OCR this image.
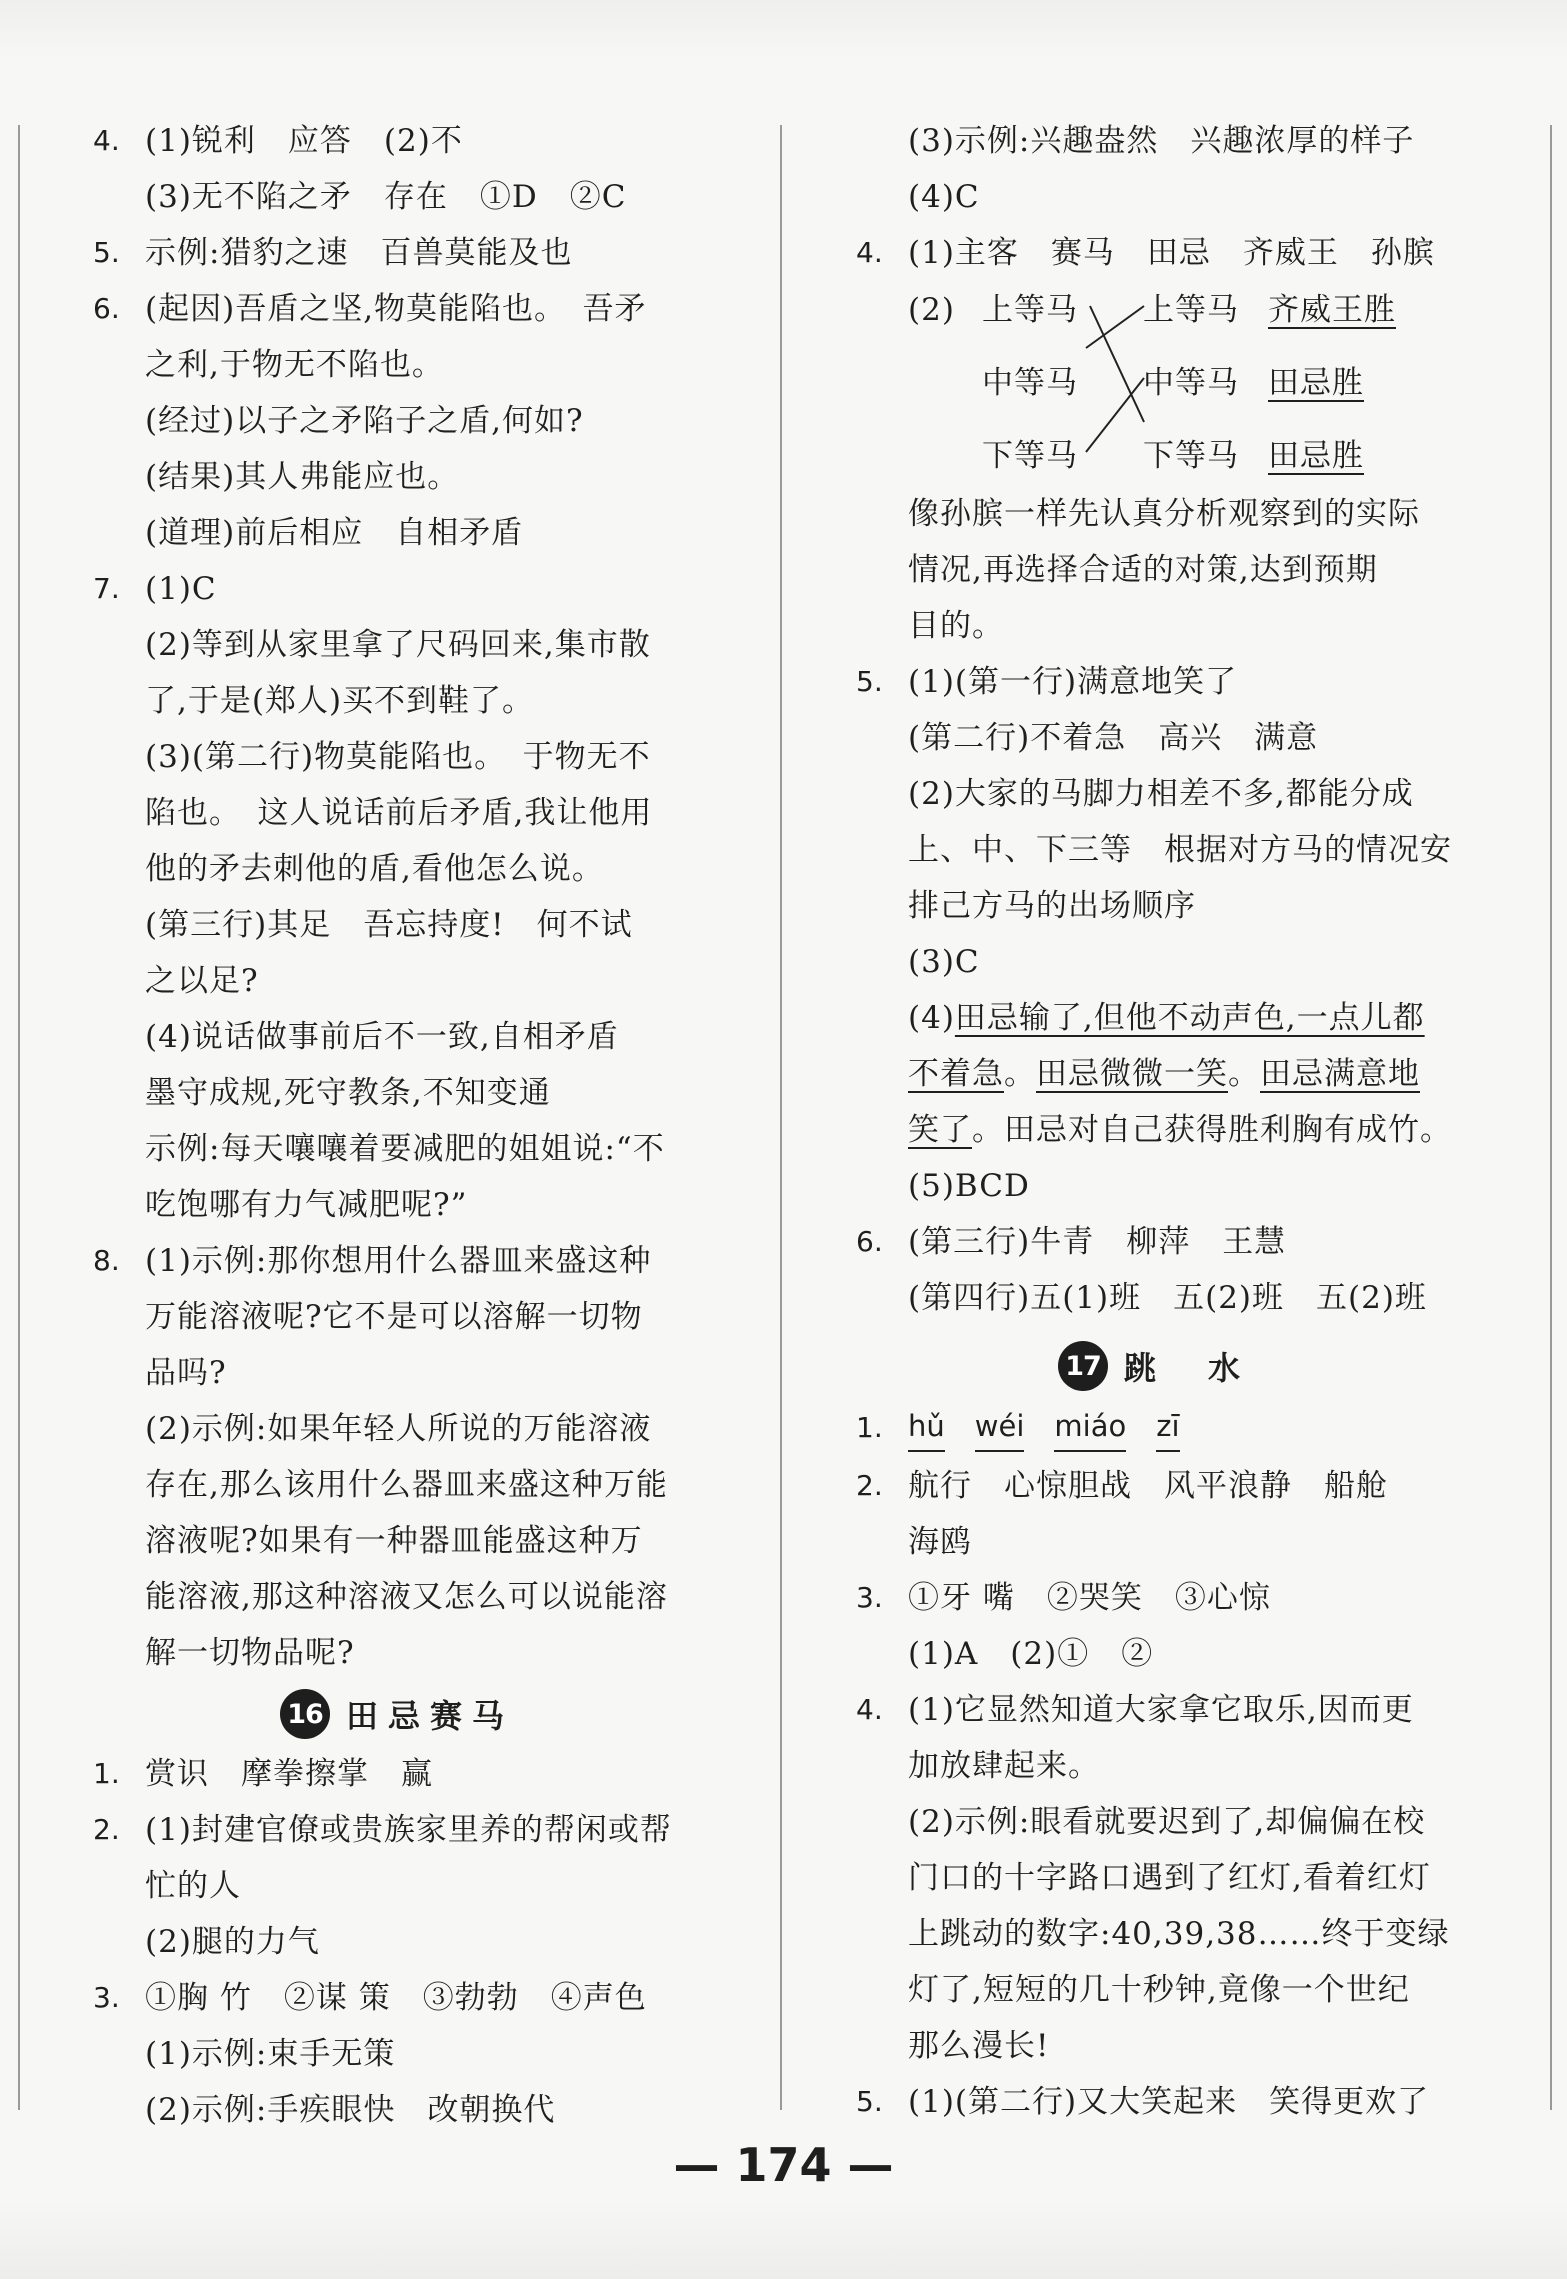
4. (1)锐利　应答　(2)不
(3)无不陷之矛　存在　①D　②C
5. 示例:猎豹之速　百兽莫能及也
6. (起因)吾盾之坚,物莫能陷也。　吾矛
之利,于物无不陷也。
(经过)以子之矛陷子之盾,何如?
(结果)其人弗能应也。
(道理)前后相应　自相矛盾
7. (1)C
(2)等到从家里拿了尺码回来,集市散
了,于是(郑人)买不到鞋了。
(3)(第二行)物莫能陷也。　于物无不
陷也。　这人说话前后矛盾,我让他用
他的矛去刺他的盾,看他怎么说。
(第三行)其足　吾忘持度!　何不试
之以足?
(4)说话做事前后不一致,自相矛盾
墨守成规,死守教条,不知变通
示例:每天嚷嚷着要减肥的姐姐说:“不
吃饱哪有力气减肥呢?”
8. (1)示例:那你想用什么器皿来盛这种
万能溶液呢?它不是可以溶解一切物
品吗?
(2)示例:如果年轻人所说的万能溶液
存在,那么该用什么器皿来盛这种万能
溶液呢?如果有一种器皿能盛这种万
能溶液,那这种溶液又怎么可以说能溶
解一切物品呢?
16 田忌赛马
1. 赏识　摩拳擦掌　赢
2. (1)封建官僚或贵族家里养的帮闲或帮
忙的人
(2)腿的力气
3. ①胸 竹　②谋 策　③勃勃　④声色
(1)示例:束手无策
(2)示例:手疾眼快　改朝换代
(3)示例:兴趣盎然　兴趣浓厚的样子
(4)C
4. (1)主客　赛马　田忌　齐威王　孙膑
(2) 上等马
中等马
下等马
上等马
中等马
下等马
齐威王胜
田忌胜
田忌胜
像孙膑一样先认真分析观察到的实际
情况,再选择合适的对策,达到预期
目的。
5. (1)(第一行)满意地笑了
(第二行)不着急　高兴　满意
(2)大家的马脚力相差不多,都能分成
上、中、下三等　根据对方马的情况安
排己方马的出场顺序
(3)C
(4)田忌输了,但他不动声色,一点儿都
不着急。田忌微微一笑。田忌满意地
笑了。田忌对自己获得胜利胸有成竹。
(5)BCD
6. (第三行)牛青　柳萍　王慧
(第四行)五(1)班　五(2)班　五(2)班
17 跳　水
1. hǔ wéi miáo zī
2. 航行　心惊胆战　风平浪静　船舱
海鸥
3. ①牙 嘴　②哭笑　③心惊
(1)A　(2)①　②
4. (1)它显然知道大家拿它取乐,因而更
加放肆起来。
(2)示例:眼看就要迟到了,却偏偏在校
门口的十字路口遇到了红灯,看着红灯
上跳动的数字:40,39,38……终于变绿
灯了,短短的几十秒钟,竟像一个世纪
那么漫长!
5. (1)(第二行)又大笑起来　笑得更欢了
— 174 —
